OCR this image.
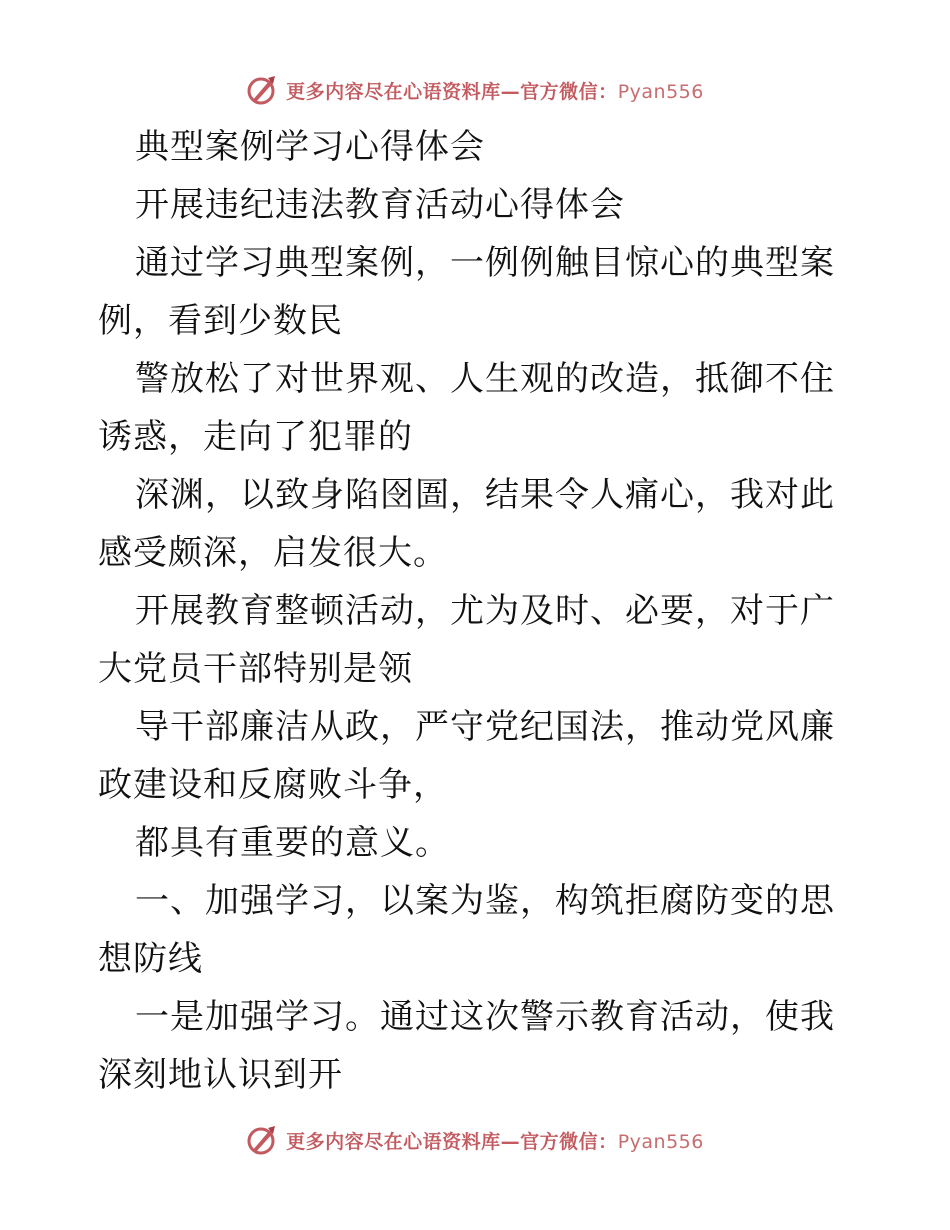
更多内容尽在心语资料库—官方微信：Pyan556

典型案例学习心得体会

开展违纪违法教育活动心得体会

通过学习典型案例，一例例触目惊心的典型案例，看到少数民

警放松了对世界观、人生观的改造，抵御不住诱惑，走向了犯罪的

深渊，以致身陷囹圄，结果令人痛心，我对此感受颇深，启发很大。

开展教育整顿活动，尤为及时、必要，对于广大党员干部特别是领

导干部廉洁从政，严守党纪国法，推动党风廉政建设和反腐败斗争，

都具有重要的意义。

一、加强学习，以案为鉴，构筑拒腐防变的思想防线

一是加强学习。通过这次警示教育活动，使我深刻地认识到开

更多内容尽在心语资料库—官方微信：Pyan556
